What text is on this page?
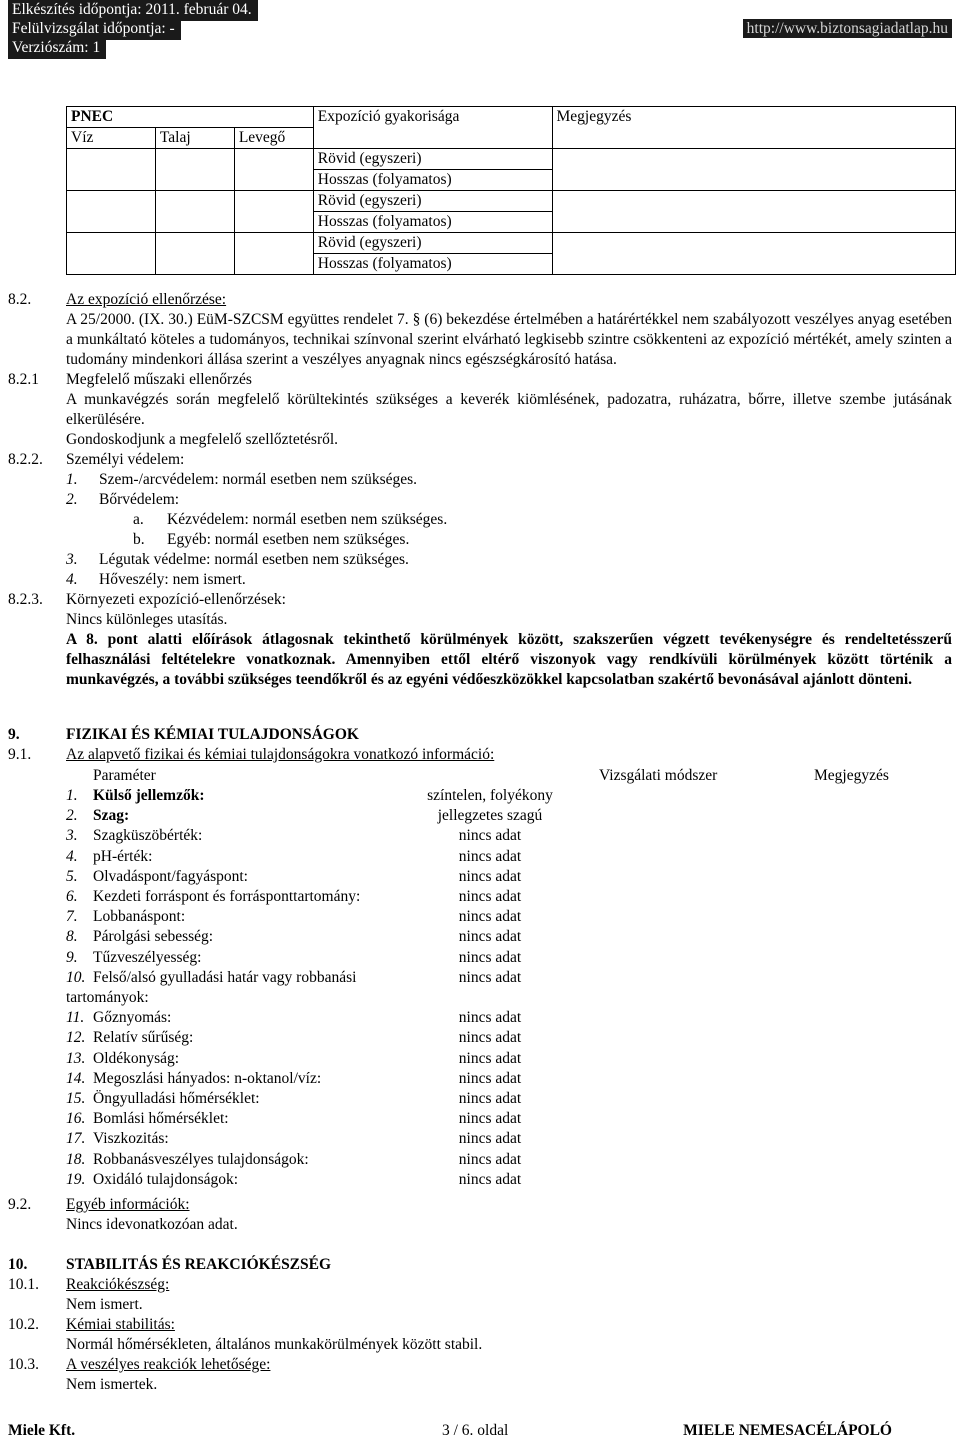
Elkészítés időpontja: 2011. február 04.
Felülvizsgálat időpontja: -
Verziószám: 1
http://www.biztonsagiadatlap.hu
PNEC			Expozíció gyakorisága	Megjegyzés
Víz	Talaj	Levegő		
			Rövid (egyszeri)	
			Hosszas (folyamatos)	
			Rövid (egyszeri)	
			Hosszas (folyamatos)	
			Rövid (egyszeri)	
			Hosszas (folyamatos)	
8.2. Az expozíció ellenőrzése:
A 25/2000. (IX. 30.) EüM-SZCSM együttes rendelet 7. § (6) bekezdése értelmében a határértékkel nem szabályozott veszélyes anyag esetében a munkáltató köteles a tudományos, technikai színvonal szerint elvárható legkisebb szintre csökkenteni az expozíció mértékét, amely szinten a tudomány mindenkori állása szerint a veszélyes anyagnak nincs egészségkárosító hatása.
8.2.1 Megfelelő műszaki ellenőrzés
A munkavégzés során megfelelő körültekintés szükséges a keverék kiömlésének, padozatra, ruházatra, bőrre, illetve szembe jutásának elkerülésére.
Gondoskodjunk a megfelelő szellőztetésről.
8.2.2. Személyi védelem:
1. Szem-/arcvédelem: normál esetben nem szükséges.
2. Bőrvédelem:
a. Kézvédelem: normál esetben nem szükséges.
b. Egyéb: normál esetben nem szükséges.
3. Légutak védelme: normál esetben nem szükséges.
4. Hőveszély: nem ismert.
8.2.3. Környezeti expozíció-ellenőrzések:
Nincs különleges utasítás.
A 8. pont alatti előírások átlagosnak tekinthető körülmények között, szakszerűen végzett tevékenységre és rendeltetésszerű felhasználási feltételekre vonatkoznak. Amennyiben ettől eltérő viszonyok vagy rendkívüli körülmények között történik a munkavégzés, a további szükséges teendőkről és az egyéni védőeszközökkel kapcsolatban szakértő bevonásával ajánlott dönteni.
9.	FIZIKAI ÉS KÉMIAI TULAJDONSÁGOK
9.1. Az alapvető fizikai és kémiai tulajdonságokra vonatkozó információ:
Paraméter	Vizsgálati módszer	Megjegyzés
1. Külső jellemzők:	színtelen, folyékony
2. Szag:	jellegzetes szagú
3. Szagküszöbérték:	nincs adat
4. pH-érték:	nincs adat
5. Olvadáspont/fagyáspont:	nincs adat
6. Kezdeti forráspont és forrásponttartomány:	nincs adat
7. Lobbanáspont:	nincs adat
8. Párolgási sebesség:	nincs adat
9. Tűzveszélyesség:	nincs adat
10. Felső/alsó gyulladási határ vagy robbanási	nincs adat
tartományok:
11. Gőznyomás:	nincs adat
12. Relatív sűrűség:	nincs adat
13. Oldékonyság:	nincs adat
14. Megoszlási hányados: n-oktanol/víz:	nincs adat
15. Öngyulladási hőmérséklet:	nincs adat
16. Bomlási hőmérséklet:	nincs adat
17. Viszkozitás:	nincs adat
18. Robbanásveszélyes tulajdonságok:	nincs adat
19. Oxidáló tulajdonságok:	nincs adat
9.2. Egyéb információk:
Nincs idevonatkozóan adat.
10. STABILITÁS ÉS REAKCIÓKÉSZSÉG
10.1. Reakciókészség:
Nem ismert.
10.2. Kémiai stabilitás:
Normál hőmérsékleten, általános munkakörülmények között stabil.
10.3. A veszélyes reakciók lehetősége:
Nem ismertek.
Miele Kft.	3 / 6. oldal	MIELE NEMESACÉLÁPOLÓ
